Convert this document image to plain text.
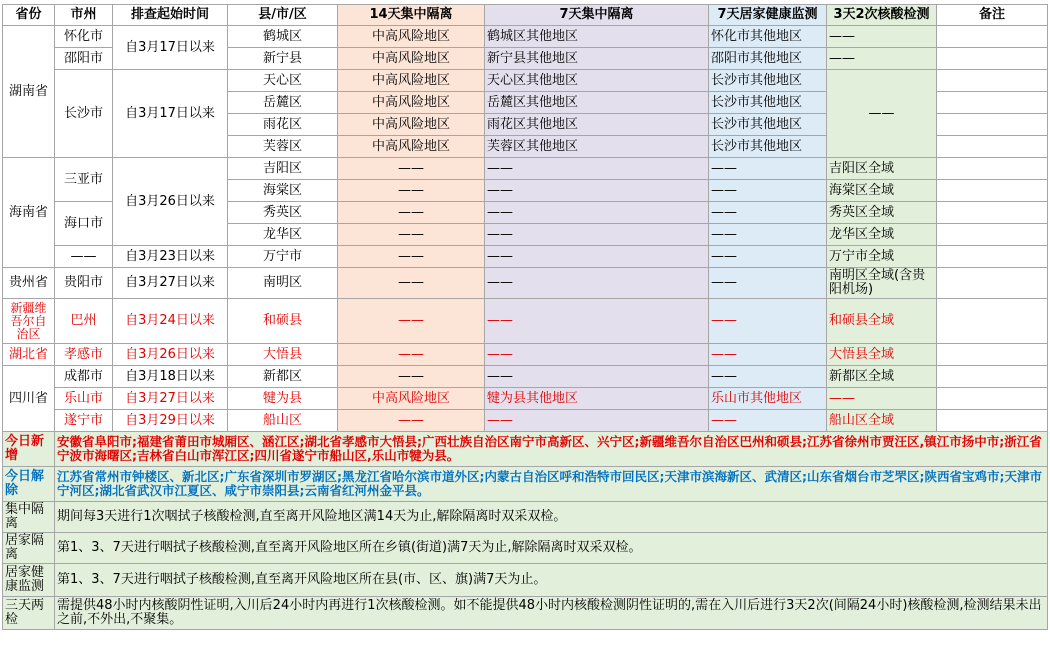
省份	市州	排查起始时间	县/市/区	14天集中隔离	7天集中隔离	7天居家健康监测	3天2次核酸检测	备注
湖南省	怀化市	自3月17日以来	鹤城区	中高风险地区	鹤城区其他地区	怀化市其他地区	——	
	邵阳市		新宁县	中高风险地区	新宁县其他地区	邵阳市其他地区	——	
	长沙市	自3月17日以来	天心区	中高风险地区	天心区其他地区	长沙市其他地区	——	
			岳麓区	中高风险地区	岳麓区其他地区	长沙市其他地区		
			雨花区	中高风险地区	雨花区其他地区	长沙市其他地区		
			芙蓉区	中高风险地区	芙蓉区其他地区	长沙市其他地区		
海南省	三亚市	自3月26日以来	吉阳区	——	——	——	吉阳区全域	
			海棠区	——	——	——	海棠区全域	
	海口市		秀英区	——	——	——	秀英区全域	
			龙华区	——	——	——	龙华区全域	
	——	自3月23日以来	万宁市	——	——	——	万宁市全域	
贵州省	贵阳市	自3月27日以来	南明区	——	——	——	南明区全域(含贵阳机场)	
新疆维吾尔自治区	巴州	自3月24日以来	和硕县	——	——	——	和硕县全域	
湖北省	孝感市	自3月26日以来	大悟县	——	——	——	大悟县全域	
四川省	成都市	自3月18日以来	新都区	——	——	——	新都区全域	
	乐山市	自3月27日以来	犍为县	中高风险地区	犍为县其他地区	乐山市其他地区	——	
	遂宁市	自3月29日以来	船山区	——	——	——	船山区全域	
今日新增	安徽省阜阳市;福建省莆田市城厢区、涵江区;湖北省孝感市大悟县;广西壮族自治区南宁市高新区、兴宁区;新疆维吾尔自治区巴州和硕县;江苏省徐州市贾汪区,镇江市扬中市;浙江省宁波市海曙区;吉林省白山市浑江区;四川省遂宁市船山区,乐山市犍为县。							
今日解除	江苏省常州市钟楼区、新北区;广东省深圳市罗湖区;黑龙江省哈尔滨市道外区;内蒙古自治区呼和浩特市回民区;天津市滨海新区、武清区;山东省烟台市芝罘区;陕西省宝鸡市;天津市宁河区;湖北省武汉市江夏区、咸宁市崇阳县;云南省红河州金平县。							
集中隔离	期间每3天进行1次咽拭子核酸检测,直至离开风险地区满14天为止,解除隔离时双采双检。							
居家隔离	第1、3、7天进行咽拭子核酸检测,直至离开风险地区所在乡镇(街道)满7天为止,解除隔离时双采双检。							
居家健康监测	第1、3、7天进行咽拭子核酸检测,直至离开风险地区所在县(市、区、旗)满7天为止。							
三天两检	需提供48小时内核酸阴性证明,入川后24小时内再进行1次核酸检测。如不能提供48小时内核酸检测阴性证明的,需在入川后进行3天2次(间隔24小时)核酸检测,检测结果未出之前,不外出,不聚集。							
